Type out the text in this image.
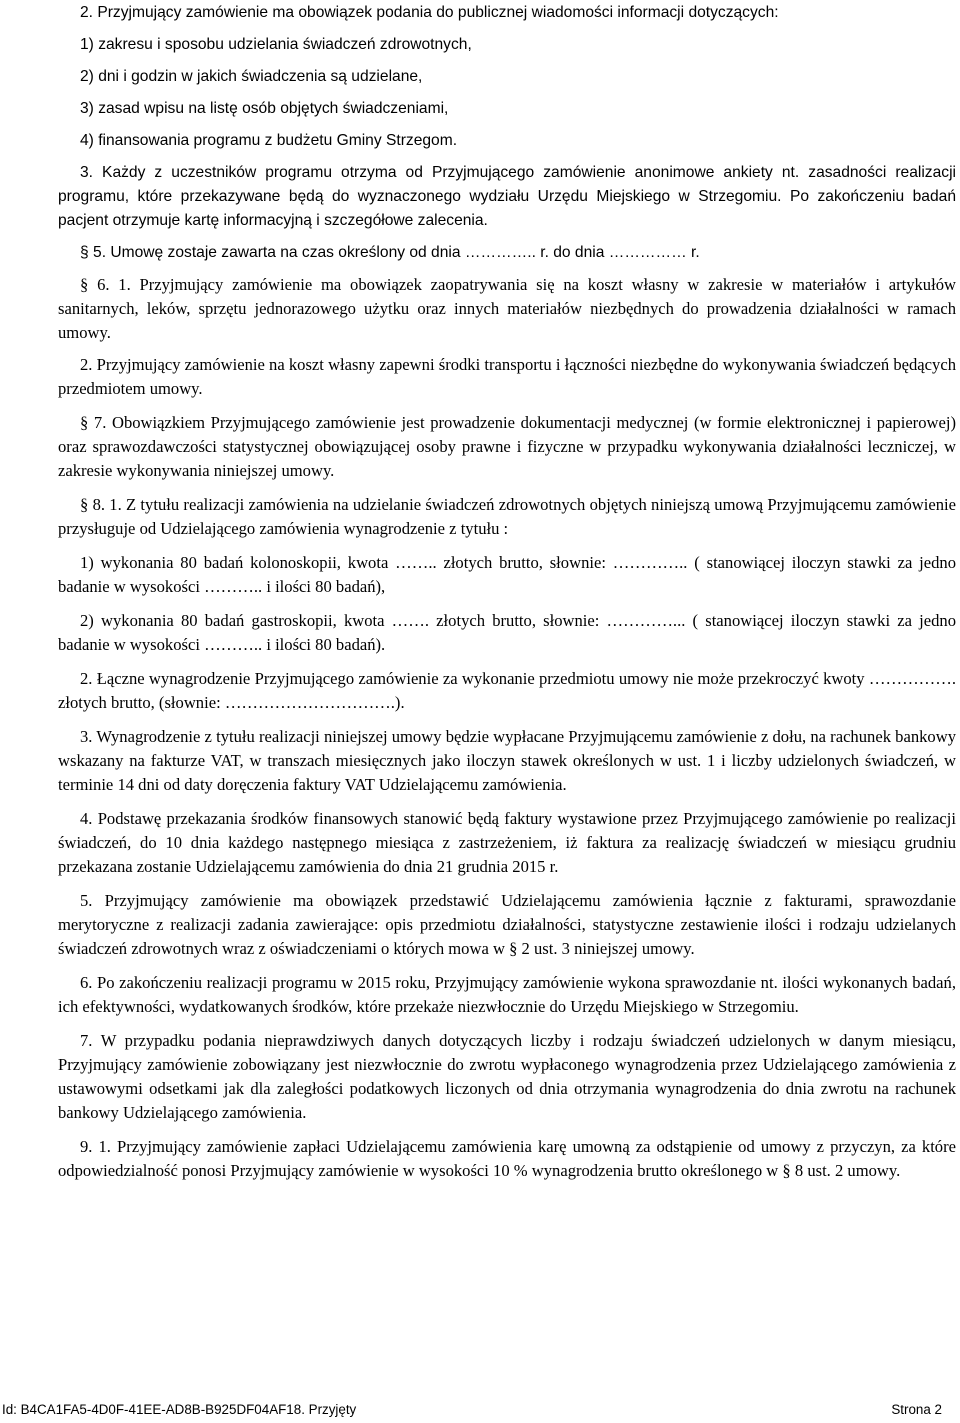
2. Przyjmujący zamówienie ma obowiązek podania do publicznej wiadomości informacji dotyczących:

1) zakresu i sposobu udzielania świadczeń zdrowotnych,

2) dni i godzin w jakich świadczenia są udzielane,

3) zasad wpisu na listę osób objętych świadczeniami,

4) finansowania programu z budżetu Gminy Strzegom.

3. Każdy z uczestników programu otrzyma od Przyjmującego zamówienie anonimowe ankiety nt. zasadności realizacji programu, które przekazywane będą do wyznaczonego wydziału Urzędu Miejskiego w Strzegomiu. Po zakończeniu badań pacjent otrzymuje kartę informacyjną i szczegółowe zalecenia.

§ 5. Umowę zostaje zawarta na czas określony od dnia ………….. r. do dnia …………… r.

§ 6. 1. Przyjmujący zamówienie ma obowiązek zaopatrywania się na koszt własny w zakresie w materiałów i artykułów sanitarnych, leków, sprzętu jednorazowego użytku oraz innych materiałów niezbędnych do prowadzenia działalności w ramach umowy.

2. Przyjmujący zamówienie na koszt własny zapewni środki transportu i łączności niezbędne do wykonywania świadczeń będących przedmiotem umowy.

§ 7. Obowiązkiem Przyjmującego zamówienie jest prowadzenie dokumentacji medycznej (w formie elektronicznej i papierowej) oraz sprawozdawczości statystycznej obowiązującej osoby prawne i fizyczne w przypadku wykonywania działalności leczniczej, w zakresie wykonywania niniejszej umowy.

§ 8. 1. Z tytułu realizacji zamówienia na udzielanie świadczeń zdrowotnych objętych niniejszą umową Przyjmującemu zamówienie przysługuje od Udzielającego zamówienia wynagrodzenie z tytułu :

1) wykonania 80 badań kolonoskopii, kwota …….. złotych brutto, słownie: ………….. ( stanowiącej iloczyn stawki za jedno badanie w wysokości ……….. i ilości 80 badań),

2) wykonania 80 badań gastroskopii, kwota ……. złotych brutto, słownie: …………... ( stanowiącej iloczyn stawki za jedno badanie w wysokości ……….. i ilości 80 badań).

2. Łączne wynagrodzenie Przyjmującego zamówienie za wykonanie przedmiotu umowy nie może przekroczyć kwoty ……………. złotych brutto, (słownie: ………………………….).

3. Wynagrodzenie z tytułu realizacji niniejszej umowy będzie wypłacane Przyjmującemu zamówienie z dołu, na rachunek bankowy wskazany na fakturze VAT, w transzach miesięcznych jako iloczyn stawek określonych w ust. 1 i liczby udzielonych świadczeń, w terminie 14 dni od daty doręczenia faktury VAT Udzielającemu zamówienia.

4. Podstawę przekazania środków finansowych stanowić będą faktury wystawione przez Przyjmującego zamówienie po realizacji świadczeń, do 10 dnia każdego następnego miesiąca z zastrzeżeniem, iż faktura za realizację świadczeń w miesiącu grudniu przekazana zostanie Udzielającemu zamówienia do dnia 21 grudnia 2015 r.

5. Przyjmujący zamówienie ma obowiązek przedstawić Udzielającemu zamówienia łącznie z fakturami, sprawozdanie merytoryczne z realizacji zadania zawierające: opis przedmiotu działalności, statystyczne zestawienie ilości i rodzaju udzielanych świadczeń zdrowotnych wraz z oświadczeniami o których mowa w § 2 ust. 3 niniejszej umowy.

6. Po zakończeniu realizacji programu w 2015 roku, Przyjmujący zamówienie wykona sprawozdanie nt. ilości wykonanych badań, ich efektywności, wydatkowanych środków, które przekaże niezwłocznie do Urzędu Miejskiego w Strzegomiu.

7. W przypadku podania nieprawdziwych danych dotyczących liczby i rodzaju świadczeń udzielonych w danym miesiącu, Przyjmujący zamówienie zobowiązany jest niezwłocznie do zwrotu wypłaconego wynagrodzenia przez Udzielającego zamówienia z ustawowymi odsetkami jak dla zaległości podatkowych liczonych od dnia otrzymania wynagrodzenia do dnia zwrotu na rachunek bankowy Udzielającego zamówienia.

9. 1. Przyjmujący zamówienie zapłaci Udzielającemu zamówienia karę umowną za odstąpienie od umowy z przyczyn, za które odpowiedzialność ponosi Przyjmujący zamówienie w wysokości 10 % wynagrodzenia brutto określonego w § 8 ust. 2 umowy.

Id: B4CA1FA5-4D0F-41EE-AD8B-B925DF04AF18. Przyjęty	Strona 2
